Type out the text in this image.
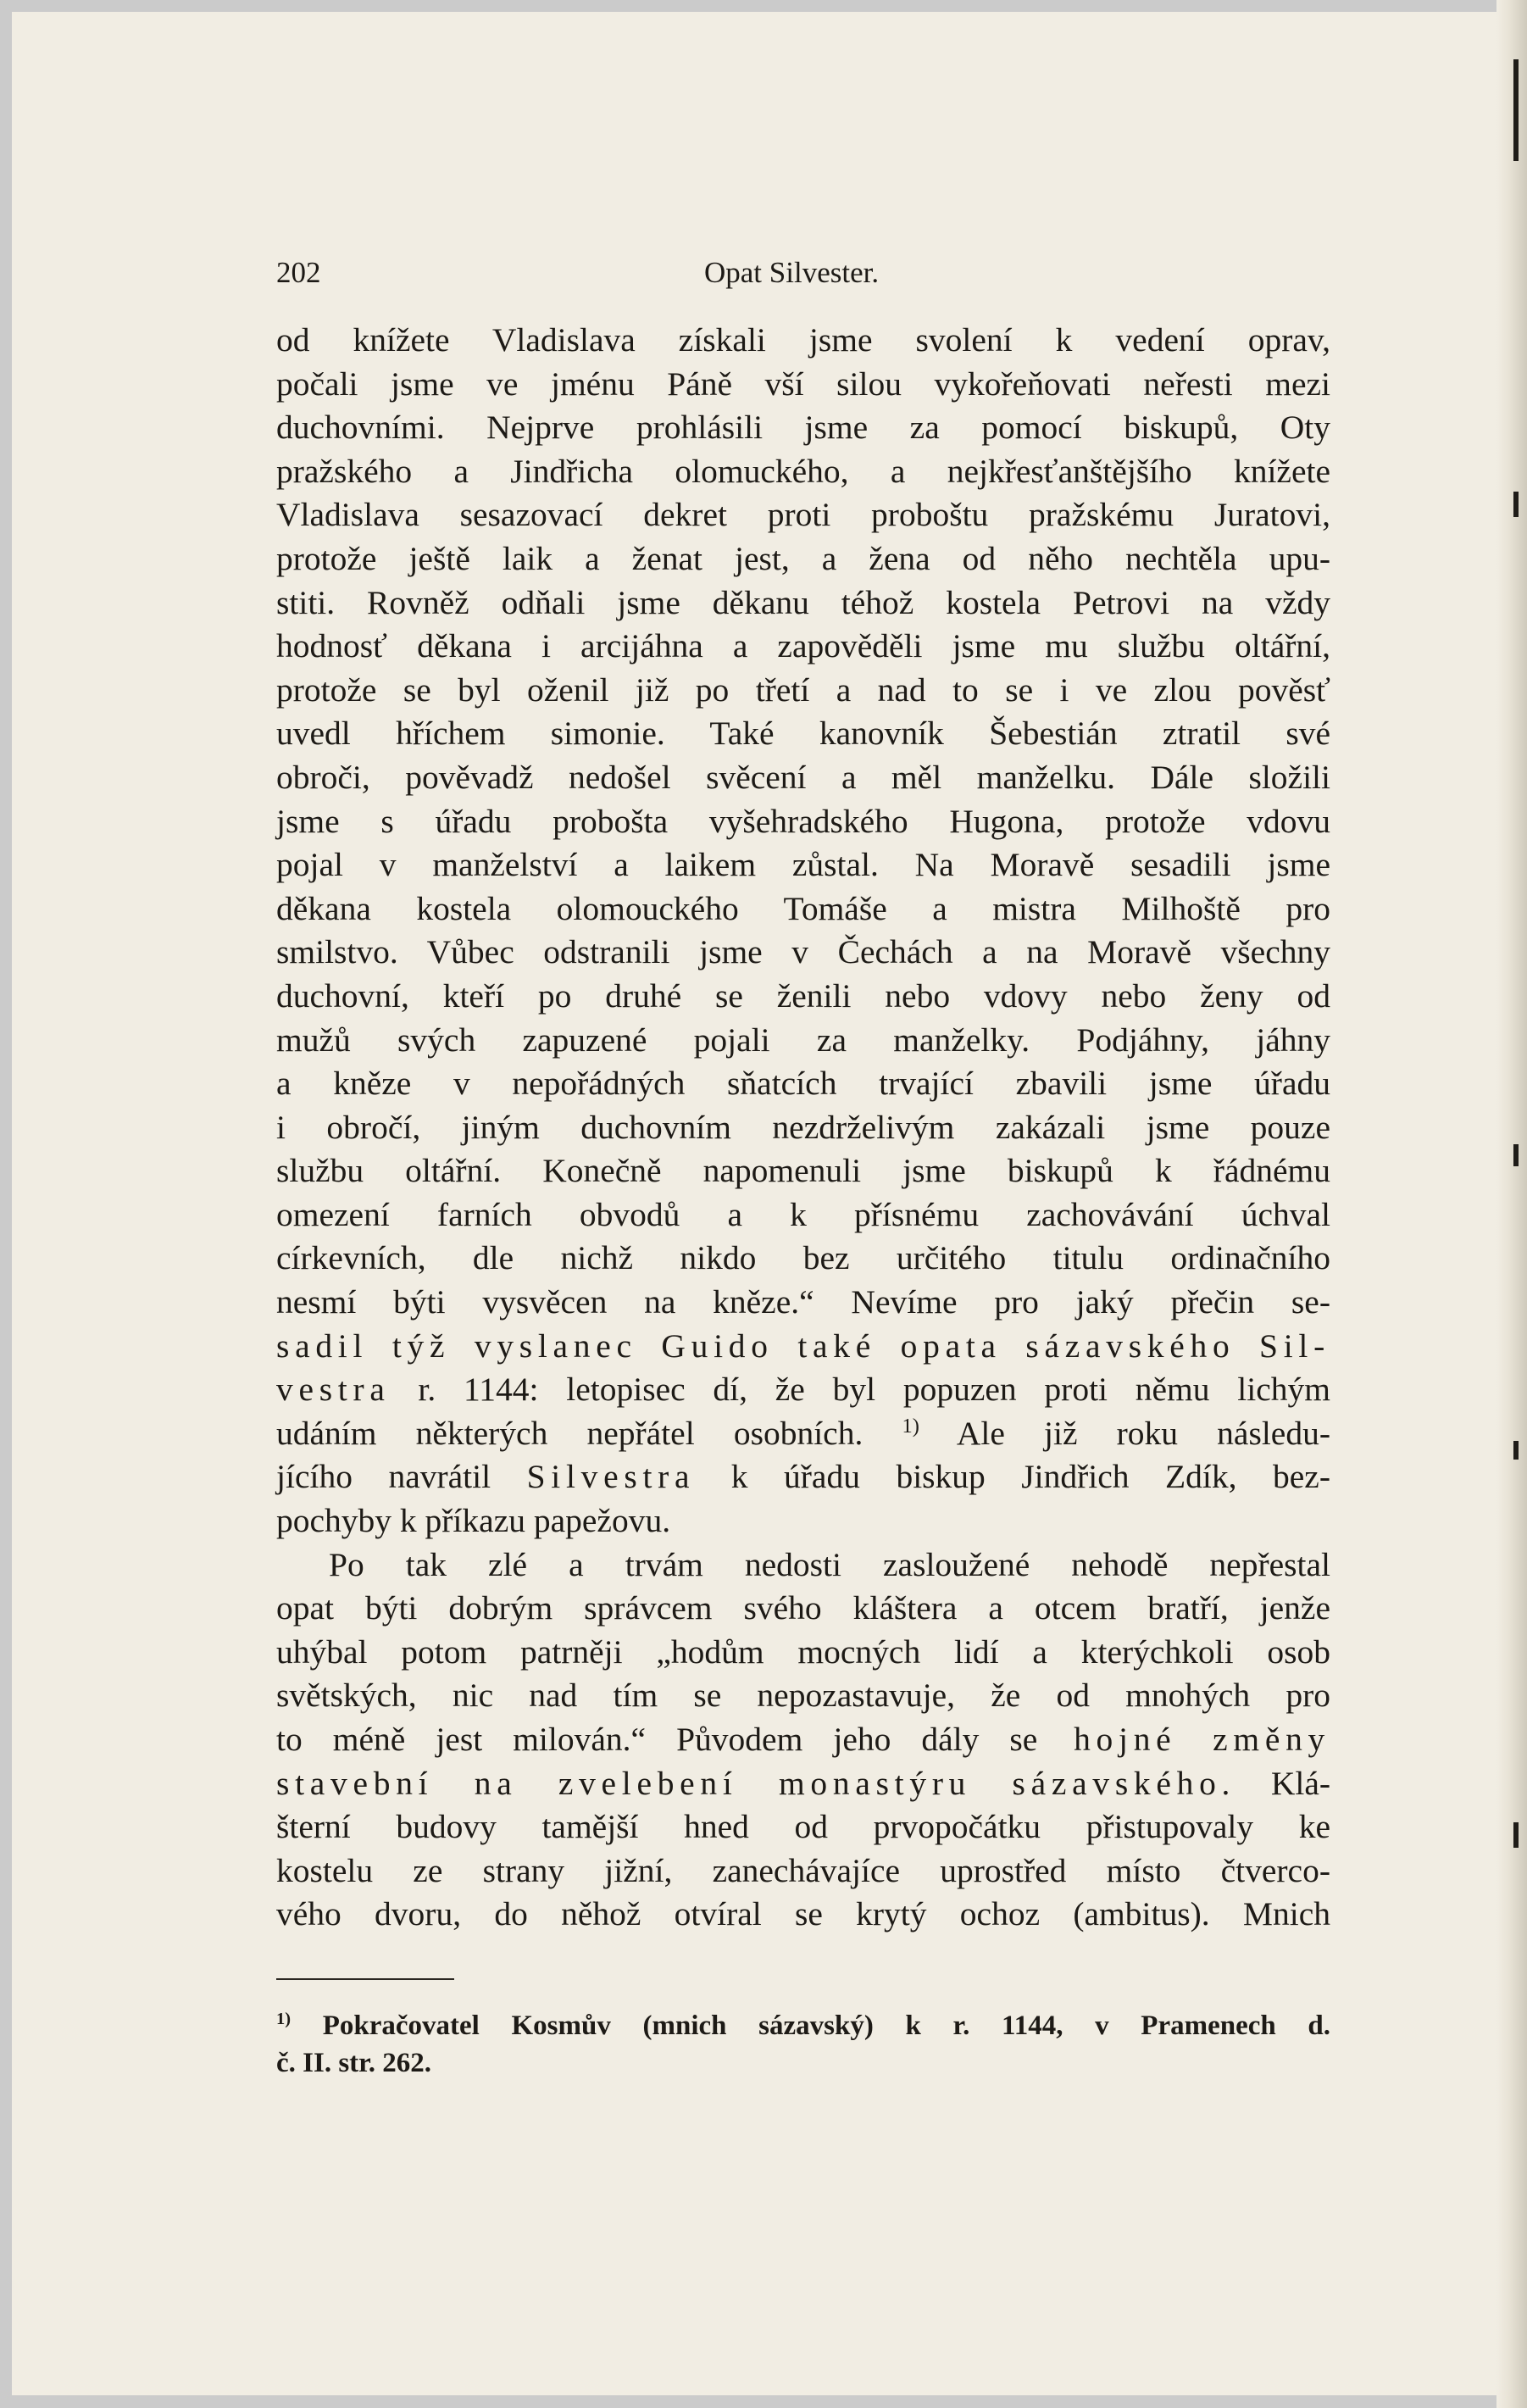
202	Opat Silvester.
od knížete Vladislava získali jsme svolení k vedení oprav,
počali jsme ve jménu Páně vší silou vykořeňovati neřesti mezi
duchovními. Nejprve prohlásili jsme za pomocí biskupů, Oty
pražského a Jindřicha olomuckého, a nejkřesťanštějšího knížete
Vladislava sesazovací dekret proti proboštu pražskému Juratovi,
protože ještě laik a ženat jest, a žena od něho nechtěla upu-
stiti. Rovněž odňali jsme děkanu téhož kostela Petrovi na vždy
hodnosť děkana i arcijáhna a zapověděli jsme mu službu oltářní,
protože se byl oženil již po třetí a nad to se i ve zlou pověsť
uvedl hříchem simonie. Také kanovník Šebestián ztratil své
obroči, pověvadž nedošel svěcení a měl manželku. Dále složili
jsme s úřadu probošta vyšehradského Hugona, protože vdovu
pojal v manželství a laikem zůstal. Na Moravě sesadili jsme
děkana kostela olomouckého Tomáše a mistra Milhoště pro
smilstvo. Vůbec odstranili jsme v Čechách a na Moravě všechny
duchovní, kteří po druhé se ženili nebo vdovy nebo ženy od
mužů svých zapuzené pojali za manželky. Podjáhny, jáhny
a kněze v nepořádných sňatcích trvající zbavili jsme úřadu
i obročí, jiným duchovním nezdrželivým zakázali jsme pouze
službu oltářní. Konečně napomenuli jsme biskupů k řádnému
omezení farních obvodů a k přísnému zachovávání úchval
církevních, dle nichž nikdo bez určitého titulu ordinačního
nesmí býti vysvěcen na kněze.“ Nevíme pro jaký přečin se-
sadil týž vyslanec Guido také opata sázavského Sil-
vestra r. 1144: letopisec dí, že byl popuzen proti němu lichým
udáním některých nepřátel osobních. $^{1)}$ Ale již roku následu-
jícího navrátil Silvestra k úřadu biskup Jindřich Zdík, bez-
pochyby k příkazu papežovu.
Po tak zlé a trvám nedosti zasloužené nehodě nepřestal
opat býti dobrým správcem svého kláštera a otcem bratří, jenže
uhýbal potom patrněji „hodům mocných lidí a kterýchkoli osob
světských, nic nad tím se nepozastavuje, že od mnohých pro
to méně jest milován.“ Původem jeho dály se hojné změny
stavební na zvelebení monastýru sázavského. Klá-
šterní budovy tamější hned od prvopočátku přistupovaly ke
kostelu ze strany jižní, zanechávajíce uprostřed místo čtverco-
vého dvoru, do něhož otvíral se krytý ochoz (ambitus). Mnich
$^{1)}$ Pokračovatel Kosmův (mnich sázavský) k r. 1144, v Pramenech d.
č. II. str. 262.
